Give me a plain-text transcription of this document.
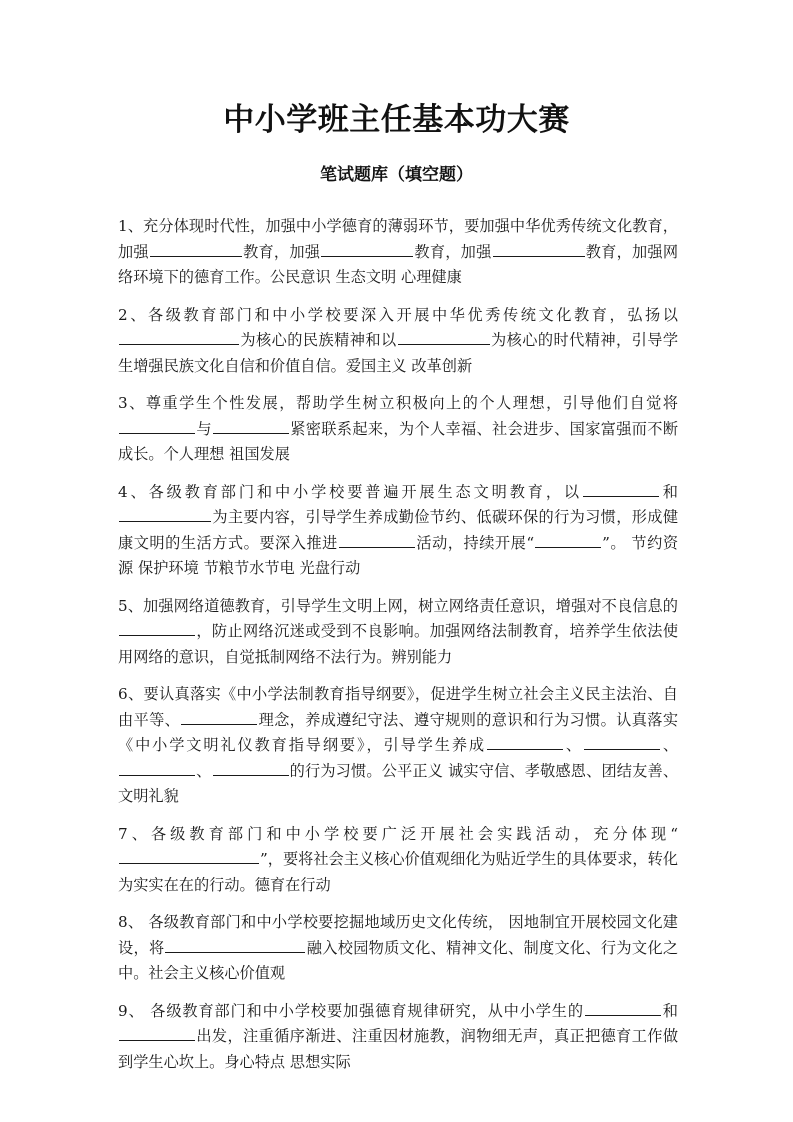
中小学班主任基本功大赛
笔试题库（填空题）

1、充分体现时代性，加强中小学德育的薄弱环节，要加强中华优秀传统文化教育，加强	教育，加强	教育，加强	教育，加强网络环境下的德育工作。公民意识 生态文明 心理健康

2、各级教育部门和中小学校要深入开展中华优秀传统文化教育，弘扬以为核心的民族精神和以	为核心的时代精神，引导学生增强民族文化自信和价值自信。爱国主义 改革创新

3、尊重学生个性发展，帮助学生树立积极向上的个人理想，引导他们自觉将与	紧密联系起来，为个人幸福、社会进步、国家富强而不断成长。个人理想 祖国发展

4、各级教育部门和中小学校要普遍开展生态文明教育，以	和为主要内容，引导学生养成勤俭节约、低碳环保的行为习惯，形成健康文明的生活方式。要深入推进	活动，持续开展“	”。 节约资源 保护环境 节粮节水节电 光盘行动

5、加强网络道德教育，引导学生文明上网，树立网络责任意识，增强对不良信息的，防止网络沉迷或受到不良影响。加强网络法制教育，培养学生依法使用网络的意识，自觉抵制网络不法行为。辨别能力

6、要认真落实《中小学法制教育指导纲要》，促进学生树立社会主义民主法治、自由平等、	理念，养成遵纪守法、遵守规则的意识和行为习惯。认真落实《中小学文明礼仪教育指导纲要》，引导学生养成	、	、、	的行为习惯。公平正义 诚实守信、孝敬感恩、团结友善、文明礼貌

7、各级教育部门和中小学校要广泛开展社会实践活动，充分体现“”，要将社会主义核心价值观细化为贴近学生的具体要求，转化为实实在在的行动。德育在行动

8、 各级教育部门和中小学校要挖掘地域历史文化传统， 因地制宜开展校园文化建设，将	融入校园物质文化、精神文化、制度文化、行为文化之中。社会主义核心价值观

9、 各级教育部门和中小学校要加强德育规律研究，从中小学生的	和出发，注重循序渐进、注重因材施教，润物细无声，真正把德育工作做到学生心坎上。身心特点 思想实际
